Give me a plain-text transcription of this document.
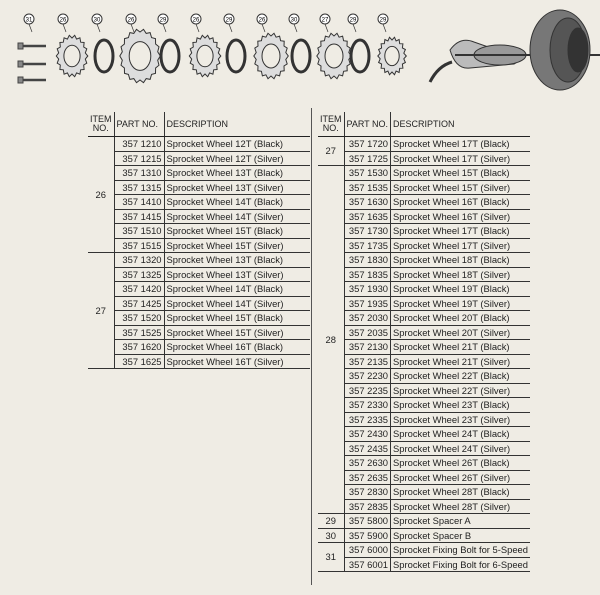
31	26	30	26	29	26	29	26	30	27	29	29
ITEM
NO.	PART NO.	DESCRIPTION
26	357 1210	Sprocket Wheel 12T (Black)
	357 1215	Sprocket Wheel 12T (Silver)
	357 1310	Sprocket Wheel 13T (Black)
	357 1315	Sprocket Wheel 13T (Silver)
	357 1410	Sprocket Wheel 14T (Black)
	357 1415	Sprocket Wheel 14T (Silver)
	357 1510	Sprocket Wheel 15T (Black)
	357 1515	Sprocket Wheel 15T (Silver)
27	357 1320	Sprocket Wheel 13T (Black)
	357 1325	Sprocket Wheel 13T (Silver)
	357 1420	Sprocket Wheel 14T (Black)
	357 1425	Sprocket Wheel 14T (Silver)
	357 1520	Sprocket Wheel 15T (Black)
	357 1525	Sprocket Wheel 15T (Silver)
	357 1620	Sprocket Wheel 16T (Black)
	357 1625	Sprocket Wheel 16T (Silver)
ITEM
NO.	PART NO.	DESCRIPTION
27	357 1720	Sprocket Wheel 17T (Black)
	357 1725	Sprocket Wheel 17T (Silver)
28	357 1530	Sprocket Wheel 15T (Black)
	357 1535	Sprocket Wheel 15T (Silver)
	357 1630	Sprocket Wheel 16T (Black)
	357 1635	Sprocket Wheel 16T (Silver)
	357 1730	Sprocket Wheel 17T (Black)
	357 1735	Sprocket Wheel 17T (Silver)
	357 1830	Sprocket Wheel 18T (Black)
	357 1835	Sprocket Wheel 18T (Silver)
	357 1930	Sprocket Wheel 19T (Black)
	357 1935	Sprocket Wheel 19T (Silver)
	357 2030	Sprocket Wheel 20T (Black)
	357 2035	Sprocket Wheel 20T (Silver)
	357 2130	Sprocket Wheel 21T (Black)
	357 2135	Sprocket Wheel 21T (Silver)
	357 2230	Sprocket Wheel 22T (Black)
	357 2235	Sprocket Wheel 22T (Silver)
	357 2330	Sprocket Wheel 23T (Black)
	357 2335	Sprocket Wheel 23T (Silver)
	357 2430	Sprocket Wheel 24T (Black)
	357 2435	Sprocket Wheel 24T (Silver)
	357 2630	Sprocket Wheel 26T (Black)
	357 2635	Sprocket Wheel 26T (Silver)
	357 2830	Sprocket Wheel 28T (Black)
	357 2835	Sprocket Wheel 28T (Silver)
29	357 5800	Sprocket Spacer A
30	357 5900	Sprocket Spacer B
31	357 6000	Sprocket Fixing Bolt for 5-Speed
	357 6001	Sprocket Fixing Bolt for 6-Speed
